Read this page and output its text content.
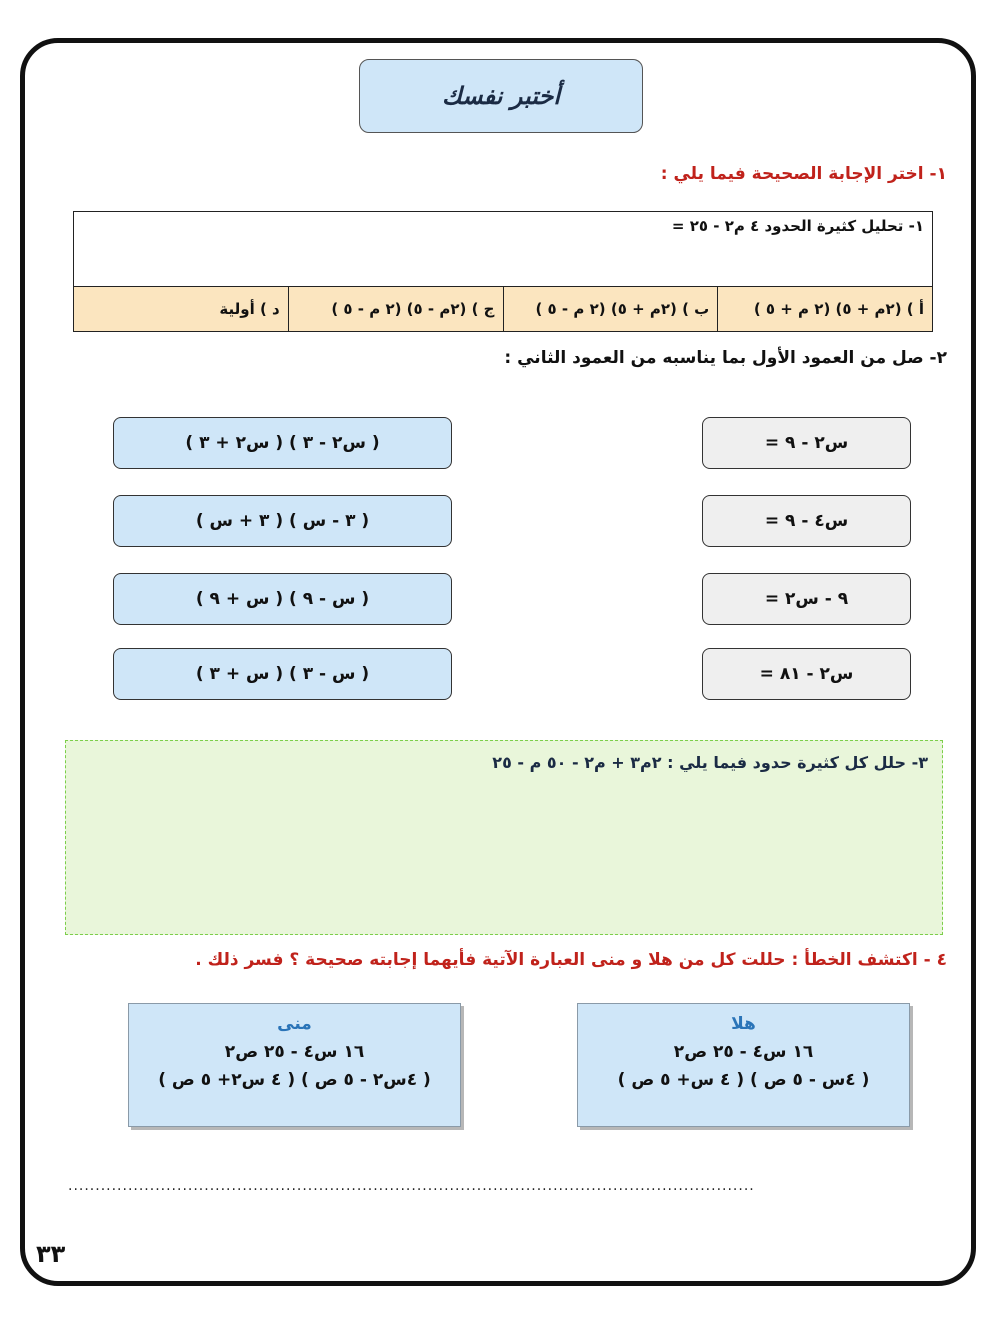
أختبر نفسك
١- اختر الإجابة الصحيحة فيما يلي :
١- تحليل كثيرة الحدود ٤ م٢ - ٢٥ =
أ ) (٢م + ٥) (٢ م + ٥ )	ب ) (٢م + ٥) (٢ م - ٥ )	ج ) (٢م - ٥) (٢ م - ٥ )	د ) أولية
٢- صل من العمود الأول بما يناسبه من العمود الثاني :
س٢ - ٩ =
س٤ - ٩ =
٩ - س٢ =
س٢ - ٨١ =
( س٢ - ٣ ) ( س٢ + ٣ )
( ٣ - س ) ( ٣ + س )
( س - ٩ ) ( س + ٩ )
( س - ٣ ) ( س + ٣ )
٣- حلل كل كثيرة حدود فيما يلي : ٢م٣ + م٢ - ٥٠ م - ٢٥
٤ - اكتشف الخطأ : حللت كل من هلا و منى العبارة الآتية فأيهما إجابته صحيحة ؟ فسر ذلك .
هلا
١٦ س٤ - ٢٥ ص٢
( ٤س - ٥ ص ) ( ٤ س+ ٥ ص )
منى
١٦ س٤ - ٢٥ ص٢
( ٤س٢ - ٥ ص ) ( ٤ س٢+ ٥ ص )
..............................................................................................................................
٣٣
